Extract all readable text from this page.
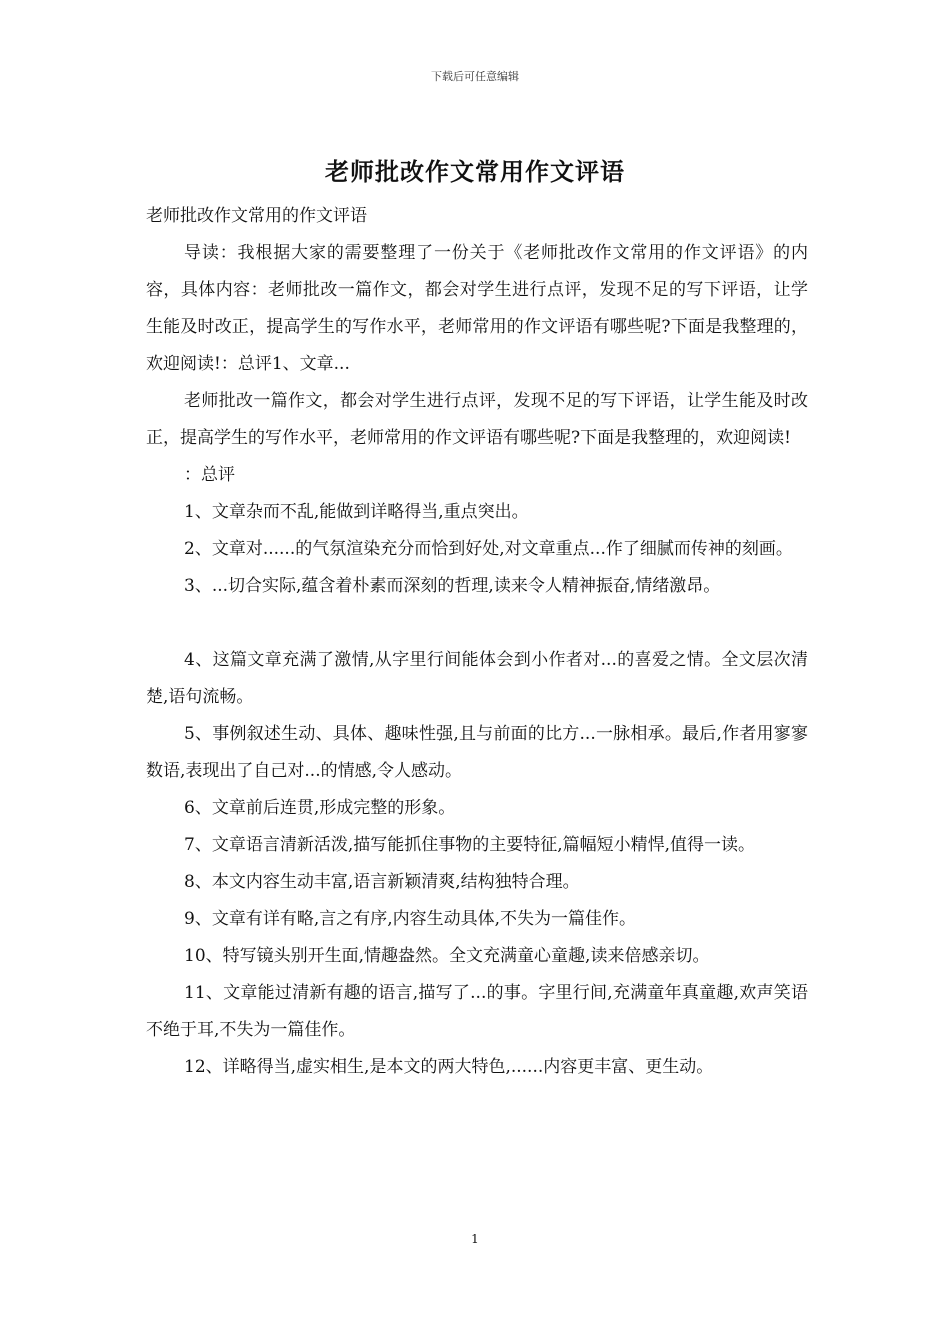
下载后可任意编辑
老师批改作文常用作文评语

老师批改作文常用的作文评语

导读：我根据大家的需要整理了一份关于《老师批改作文常用的作文评语》的内容，具体内容：老师批改一篇作文，都会对学生进行点评，发现不足的写下评语，让学生能及时改正，提高学生的写作水平，老师常用的作文评语有哪些呢?下面是我整理的，欢迎阅读!：总评1、文章...

老师批改一篇作文，都会对学生进行点评，发现不足的写下评语，让学生能及时改正，提高学生的写作水平，老师常用的作文评语有哪些呢?下面是我整理的，欢迎阅读!

：总评

1、文章杂而不乱,能做到详略得当,重点突出。

2、文章对......的气氛渲染充分而恰到好处,对文章重点...作了细腻而传神的刻画。

3、...切合实际,蕴含着朴素而深刻的哲理,读来令人精神振奋,情绪激昂。

4、这篇文章充满了激情,从字里行间能体会到小作者对...的喜爱之情。全文层次清楚,语句流畅。

5、事例叙述生动、具体、趣味性强,且与前面的比方...一脉相承。最后,作者用寥寥数语,表现出了自己对...的情感,令人感动。

6、文章前后连贯,形成完整的形象。

7、文章语言清新活泼,描写能抓住事物的主要特征,篇幅短小精悍,值得一读。

8、本文内容生动丰富,语言新颖清爽,结构独特合理。

9、文章有详有略,言之有序,内容生动具体,不失为一篇佳作。

10、特写镜头别开生面,情趣盎然。全文充满童心童趣,读来倍感亲切。

11、文章能过清新有趣的语言,描写了...的事。字里行间,充满童年真童趣,欢声笑语不绝于耳,不失为一篇佳作。

12、详略得当,虚实相生,是本文的两大特色,......内容更丰富、更生动。

1
